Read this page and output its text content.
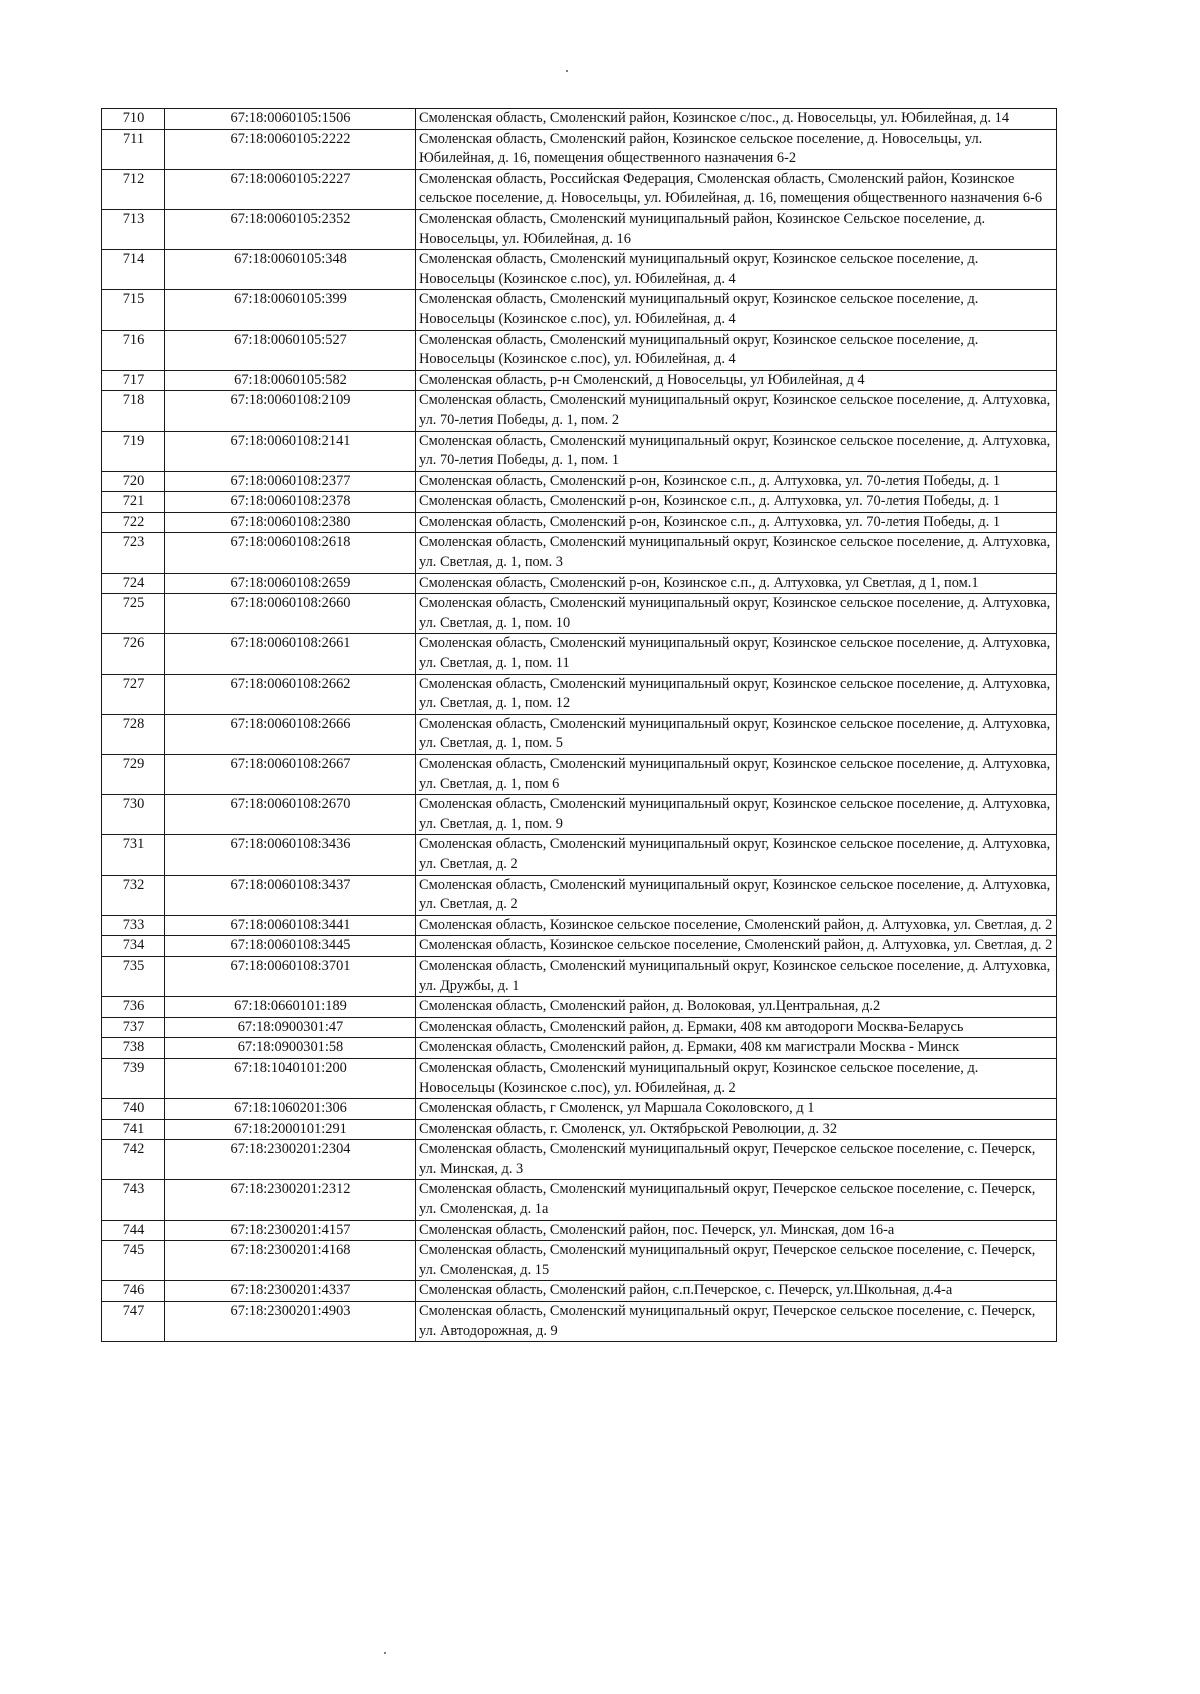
710	67:18:0060105:1506	Смоленская область, Смоленский район, Козинское с/пос., д. Новосельцы, ул. Юбилейная, д. 14
711	67:18:0060105:2222	Смоленская область, Смоленский район, Козинское сельское поселение, д. Новосельцы, ул. Юбилейная, д. 16, помещения общественного назначения 6-2
712	67:18:0060105:2227	Смоленская область, Российская Федерация, Смоленская область, Смоленский район, Козинское сельское поселение, д. Новосельцы, ул. Юбилейная, д. 16, помещения общественного назначения 6-6
713	67:18:0060105:2352	Смоленская область, Смоленский муниципальный район, Козинское Сельское поселение, д. Новосельцы, ул. Юбилейная, д. 16
714	67:18:0060105:348	Смоленская область, Смоленский муниципальный округ, Козинское сельское поселение, д. Новосельцы (Козинское с.пос), ул. Юбилейная, д. 4
715	67:18:0060105:399	Смоленская область, Смоленский муниципальный округ, Козинское сельское поселение, д. Новосельцы (Козинское с.пос), ул. Юбилейная, д. 4
716	67:18:0060105:527	Смоленская область, Смоленский муниципальный округ, Козинское сельское поселение, д. Новосельцы (Козинское с.пос), ул. Юбилейная, д. 4
717	67:18:0060105:582	Смоленская область, р-н Смоленский, д Новосельцы, ул Юбилейная, д 4
718	67:18:0060108:2109	Смоленская область, Смоленский муниципальный округ, Козинское сельское поселение, д. Алтуховка, ул. 70-летия Победы, д. 1, пом. 2
719	67:18:0060108:2141	Смоленская область, Смоленский муниципальный округ, Козинское сельское поселение, д. Алтуховка, ул. 70-летия Победы, д. 1, пом. 1
720	67:18:0060108:2377	Смоленская область, Смоленский р-он, Козинское с.п., д. Алтуховка, ул. 70-летия Победы, д. 1
721	67:18:0060108:2378	Смоленская область, Смоленский р-он, Козинское с.п., д. Алтуховка, ул. 70-летия Победы, д. 1
722	67:18:0060108:2380	Смоленская область, Смоленский р-он, Козинское с.п., д. Алтуховка, ул. 70-летия Победы, д. 1
723	67:18:0060108:2618	Смоленская область, Смоленский муниципальный округ, Козинское сельское поселение, д. Алтуховка, ул. Светлая, д. 1, пом. 3
724	67:18:0060108:2659	Смоленская область, Смоленский р-он, Козинское с.п., д. Алтуховка, ул Светлая, д 1, пом.1
725	67:18:0060108:2660	Смоленская область, Смоленский муниципальный округ, Козинское сельское поселение, д. Алтуховка, ул. Светлая, д. 1, пом. 10
726	67:18:0060108:2661	Смоленская область, Смоленский муниципальный округ, Козинское сельское поселение, д. Алтуховка, ул. Светлая, д. 1, пом. 11
727	67:18:0060108:2662	Смоленская область, Смоленский муниципальный округ, Козинское сельское поселение, д. Алтуховка, ул. Светлая, д. 1, пом. 12
728	67:18:0060108:2666	Смоленская область, Смоленский муниципальный округ, Козинское сельское поселение, д. Алтуховка, ул. Светлая, д. 1, пом. 5
729	67:18:0060108:2667	Смоленская область, Смоленский муниципальный округ, Козинское сельское поселение, д. Алтуховка, ул. Светлая, д. 1, пом 6
730	67:18:0060108:2670	Смоленская область, Смоленский муниципальный округ, Козинское сельское поселение, д. Алтуховка, ул. Светлая, д. 1, пом. 9
731	67:18:0060108:3436	Смоленская область, Смоленский муниципальный округ, Козинское сельское поселение, д. Алтуховка, ул. Светлая, д. 2
732	67:18:0060108:3437	Смоленская область, Смоленский муниципальный округ, Козинское сельское поселение, д. Алтуховка, ул. Светлая, д. 2
733	67:18:0060108:3441	Смоленская область, Козинское сельское поселение, Смоленский район, д. Алтуховка, ул. Светлая, д. 2
734	67:18:0060108:3445	Смоленская область, Козинское сельское поселение, Смоленский район, д. Алтуховка, ул. Светлая, д. 2
735	67:18:0060108:3701	Смоленская область, Смоленский муниципальный округ, Козинское сельское поселение, д. Алтуховка, ул. Дружбы, д. 1
736	67:18:0660101:189	Смоленская область, Смоленский район, д. Волоковая, ул.Центральная, д.2
737	67:18:0900301:47	Смоленская область, Смоленский район, д. Ермаки, 408 км автодороги Москва-Беларусь
738	67:18:0900301:58	Смоленская область, Смоленский район, д. Ермаки, 408 км магистрали Москва - Минск
739	67:18:1040101:200	Смоленская область, Смоленский муниципальный округ, Козинское сельское поселение, д. Новосельцы (Козинское с.пос), ул. Юбилейная, д. 2
740	67:18:1060201:306	Смоленская область, г Смоленск, ул Маршала Соколовского, д 1
741	67:18:2000101:291	Смоленская область, г. Смоленск, ул. Октябрьской Революции, д. 32
742	67:18:2300201:2304	Смоленская область, Смоленский муниципальный округ, Печерское сельское поселение, с. Печерск, ул. Минская, д. 3
743	67:18:2300201:2312	Смоленская область, Смоленский муниципальный округ, Печерское сельское поселение, с. Печерск, ул. Смоленская, д. 1а
744	67:18:2300201:4157	Смоленская область, Смоленский район, пос. Печерск, ул. Минская, дом 16-а
745	67:18:2300201:4168	Смоленская область, Смоленский муниципальный округ, Печерское сельское поселение, с. Печерск, ул. Смоленская, д. 15
746	67:18:2300201:4337	Смоленская область, Смоленский район, с.п.Печерское, с. Печерск, ул.Школьная, д.4-а
747	67:18:2300201:4903	Смоленская область, Смоленский муниципальный округ, Печерское сельское поселение, с. Печерск, ул. Автодорожная, д. 9
